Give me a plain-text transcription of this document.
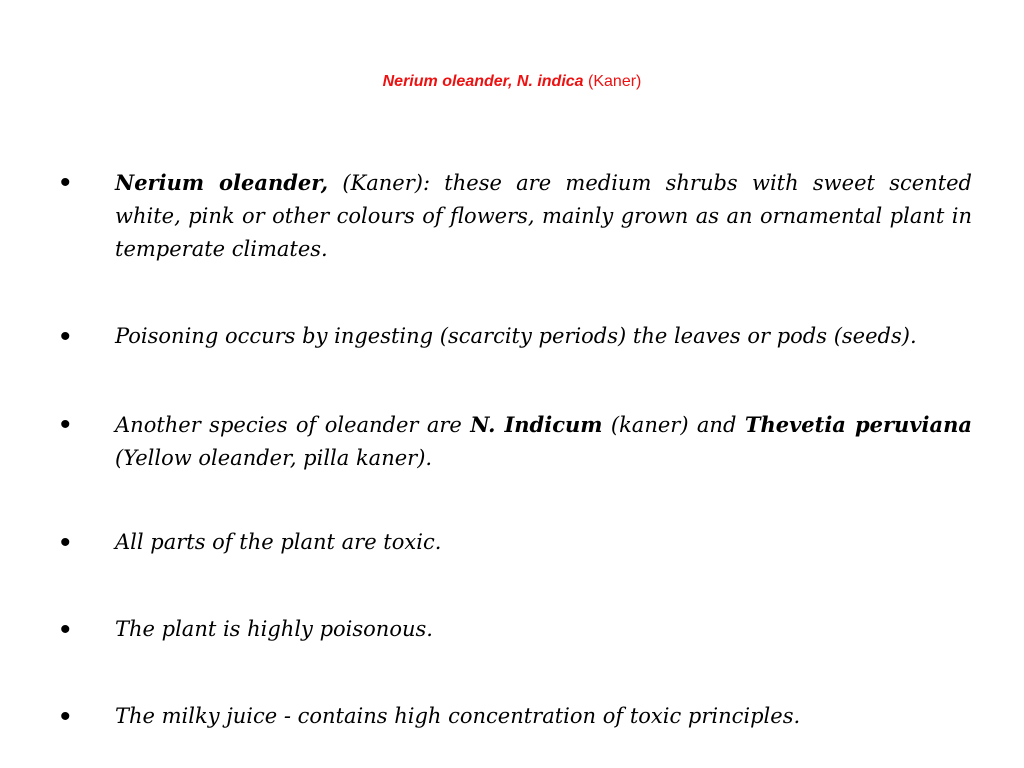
Nerium oleander, N. indica (Kaner)
• Nerium oleander, (Kaner): these are medium shrubs with sweet scented white, pink or other colours of flowers, mainly grown as an ornamental plant in temperate climates.
• Poisoning occurs by ingesting (scarcity periods) the leaves or pods (seeds).
• Another species of oleander are N. Indicum (kaner) and Thevetia peruviana (Yellow oleander, pilla kaner).
• All parts of the plant are toxic.
• The plant is highly poisonous.
• The milky juice - contains high concentration of toxic principles.
